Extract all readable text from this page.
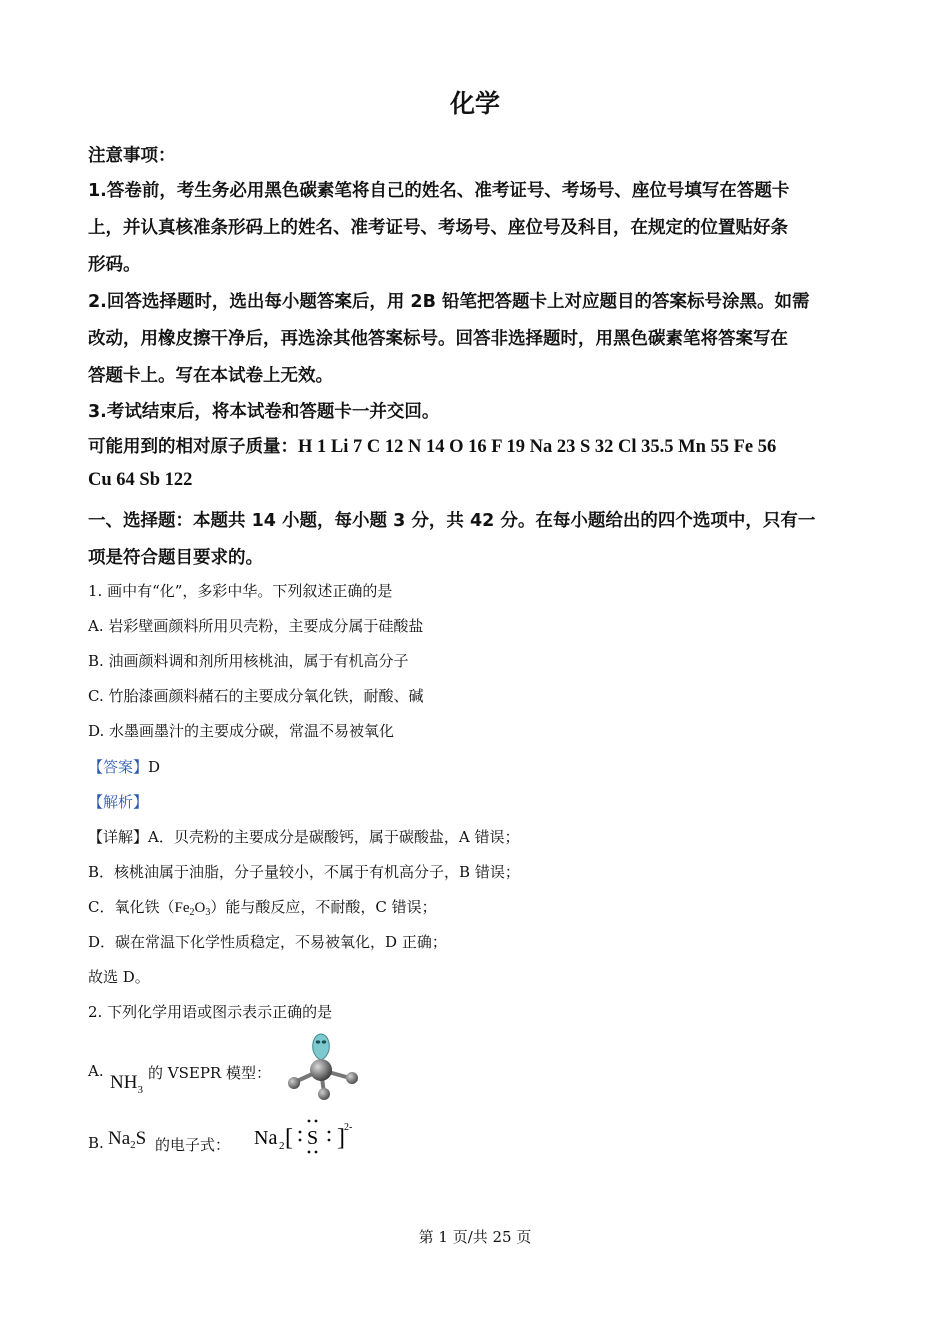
化学
注意事项：
1.答卷前，考生务必用黑色碳素笔将自己的姓名、准考证号、考场号、座位号填写在答题卡
上，并认真核准条形码上的姓名、准考证号、考场号、座位号及科目，在规定的位置贴好条
形码。
2.回答选择题时，选出每小题答案后，用 2B 铅笔把答题卡上对应题目的答案标号涂黑。如需
改动，用橡皮擦干净后，再选涂其他答案标号。回答非选择题时，用黑色碳素笔将答案写在
答题卡上。写在本试卷上无效。
3.考试结束后，将本试卷和答题卡一并交回。
可能用到的相对原子质量：H 1 Li 7 C 12 N 14 O 16 F 19 Na 23 S 32 Cl 35.5 Mn 55 Fe 56
Cu 64 Sb 122
一、选择题：本题共 14 小题，每小题 3 分，共 42 分。在每小题给出的四个选项中，只有一
项是符合题目要求的。
1. 画中有“化”，多彩中华。下列叙述正确的是
A. 岩彩壁画颜料所用贝壳粉，主要成分属于硅酸盐
B. 油画颜料调和剂所用核桃油，属于有机高分子
C. 竹胎漆画颜料赭石的主要成分氧化铁，耐酸、碱
D. 水墨画墨汁的主要成分碳，常温不易被氧化
【答案】D
【解析】
【详解】A．贝壳粉的主要成分是碳酸钙，属于碳酸盐，A 错误；
B．核桃油属于油脂，分子量较小，不属于有机高分子，B 错误；
C．氧化铁$(Fe_2O_3)$能与酸反应，不耐酸，C 错误；
D．碳在常温下化学性质稳定，不易被氧化，D 正确；
故选 D。
2. 下列化学用语或图示表示正确的是
A.
$NH_3$
的 VSEPR 模型：
B. $Na_2S$ 的电子式： Na 2 [ ]
S	2-
第 1 页/共 25 页
